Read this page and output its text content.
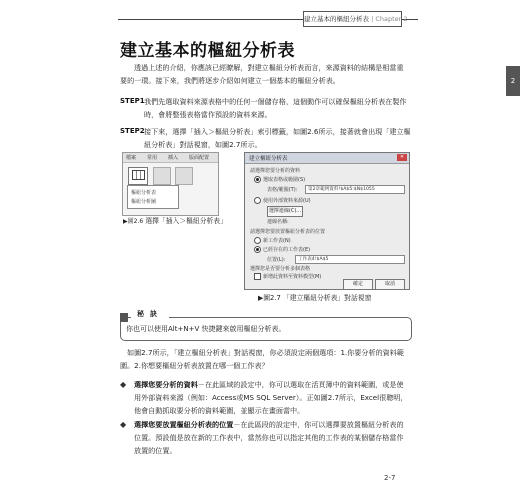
建立基本的樞紐分析表 | Chapter 2
2
建立基本的樞紐分析表
透過上述的介紹，你應該已經瞭解，對建立樞紐分析表而言，來源資料的結構是相當重要的一環。接下來，我們將逐步介紹如何建立一個基本的樞紐分析表。
STEP1 我們先選取資料來源表格中的任何一個儲存格，這個動作可以確保樞紐分析表在製作時，會將整張表格當作預設的資料來源。
STEP2 接下來，選擇「插入＞樞紐分析表」索引標籤，如圖2.6所示，接著就會出現「建立樞紐分析表」對話視窗，如圖2.7所示。
檔案 常用 插入 版面配置
樞紐分析表
樞紐分析圖
▶圖2.6 選擇「插入＞樞紐分析表」
建立樞紐分析表	✕
請選擇您要分析的資料
選取表格或範圍(S)
表格/範圍(T):	第2章範例資料!$A$5:$N$1055
使用外部資料來源(U)
選擇連線(C)...
連線名稱:
請選擇您要放置樞紐分析表的位置
新工作表(N)
已經存在的工作表(E)
位置(L):	工作表4!$A$5
選擇您是否要分析多個表格
新增此資料至資料模型(M)
確定	取消
▶圖2.7 「建立樞紐分析表」對話視窗
秘訣
你也可以使用Alt+N+V 快捷鍵來啟用樞紐分析表。
如圖2.7所示，「建立樞紐分析表」對話視窗，你必須設定兩個選項：1.你要分析的資料範圍。2.你想要樞紐分析表放置在哪一個工作表？
◆ 選擇您要分析的資料－在此區域的設定中，你可以選取在活頁簿中的資料範圍，或是使用外部資料來源（例如：Access或MS SQL Server）。正如圖2.7所示，Excel很聰明，他會自動抓取要分析的資料範圍，並顯示在畫面當中。
◆ 選擇您要放置樞紐分析表的位置－在此區段的設定中，你可以選擇要放置樞紐分析表的位置。預設值是放在新的工作表中，當然你也可以指定其他的工作表的某個儲存格當作放置的位置。
2-7
